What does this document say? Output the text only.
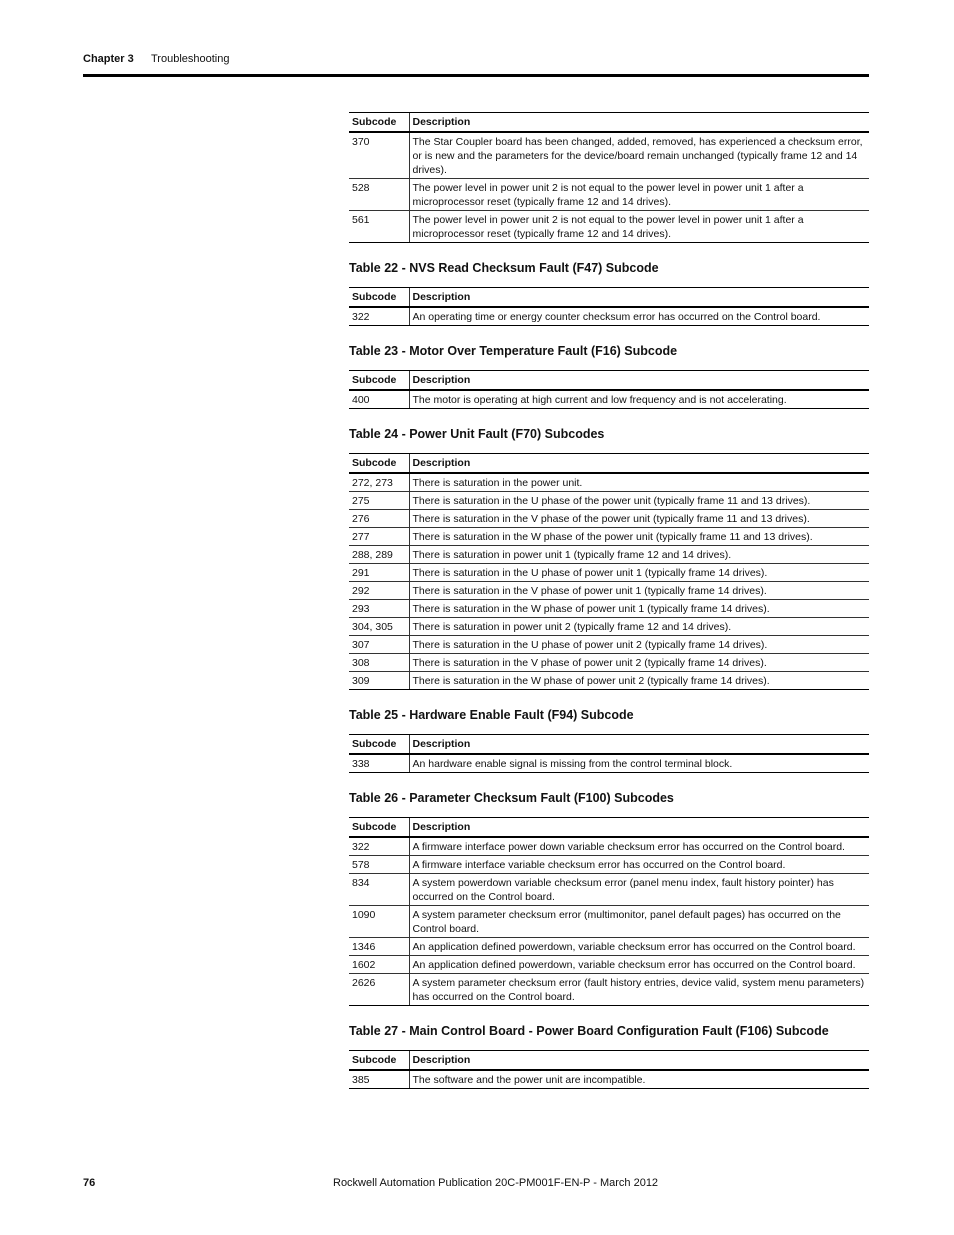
Chapter 3 Troubleshooting
Subcode	Description
370	The Star Coupler board has been changed, added, removed, has experienced a checksum error, or is new and the parameters for the device/board remain unchanged (typically frame 12 and 14 drives).
528	The power level in power unit 2 is not equal to the power level in power unit 1 after a microprocessor reset (typically frame 12 and 14 drives).
561	The power level in power unit 2 is not equal to the power level in power unit 1 after a microprocessor reset (typically frame 12 and 14 drives).
Table 22 - NVS Read Checksum Fault (F47) Subcode
Subcode	Description
322	An operating time or energy counter checksum error has occurred on the Control board.
Table 23 - Motor Over Temperature Fault (F16) Subcode
Subcode	Description
400	The motor is operating at high current and low frequency and is not accelerating.
Table 24 - Power Unit Fault (F70) Subcodes
Subcode	Description
272, 273	There is saturation in the power unit.
275	There is saturation in the U phase of the power unit (typically frame 11 and 13 drives).
276	There is saturation in the V phase of the power unit (typically frame 11 and 13 drives).
277	There is saturation in the W phase of the power unit (typically frame 11 and 13 drives).
288, 289	There is saturation in power unit 1 (typically frame 12 and 14 drives).
291	There is saturation in the U phase of power unit 1 (typically frame 14 drives).
292	There is saturation in the V phase of power unit 1 (typically frame 14 drives).
293	There is saturation in the W phase of power unit 1 (typically frame 14 drives).
304, 305	There is saturation in power unit 2 (typically frame 12 and 14 drives).
307	There is saturation in the U phase of power unit 2 (typically frame 14 drives).
308	There is saturation in the V phase of power unit 2 (typically frame 14 drives).
309	There is saturation in the W phase of power unit 2 (typically frame 14 drives).
Table 25 - Hardware Enable Fault (F94) Subcode
Subcode	Description
338	An hardware enable signal is missing from the control terminal block.
Table 26 - Parameter Checksum Fault (F100) Subcodes
Subcode	Description
322	A firmware interface power down variable checksum error has occurred on the Control board.
578	A firmware interface variable checksum error has occurred on the Control board.
834	A system powerdown variable checksum error (panel menu index, fault history pointer) has occurred on the Control board.
1090	A system parameter checksum error (multimonitor, panel default pages) has occurred on the Control board.
1346	An application defined powerdown, variable checksum error has occurred on the Control board.
1602	An application defined powerdown, variable checksum error has occurred on the Control board.
2626	A system parameter checksum error (fault history entries, device valid, system menu parameters) has occurred on the Control board.
Table 27 - Main Control Board - Power Board Configuration Fault (F106) Subcode
Subcode	Description
385	The software and the power unit are incompatible.
76	Rockwell Automation Publication 20C-PM001F-EN-P - March 2012
